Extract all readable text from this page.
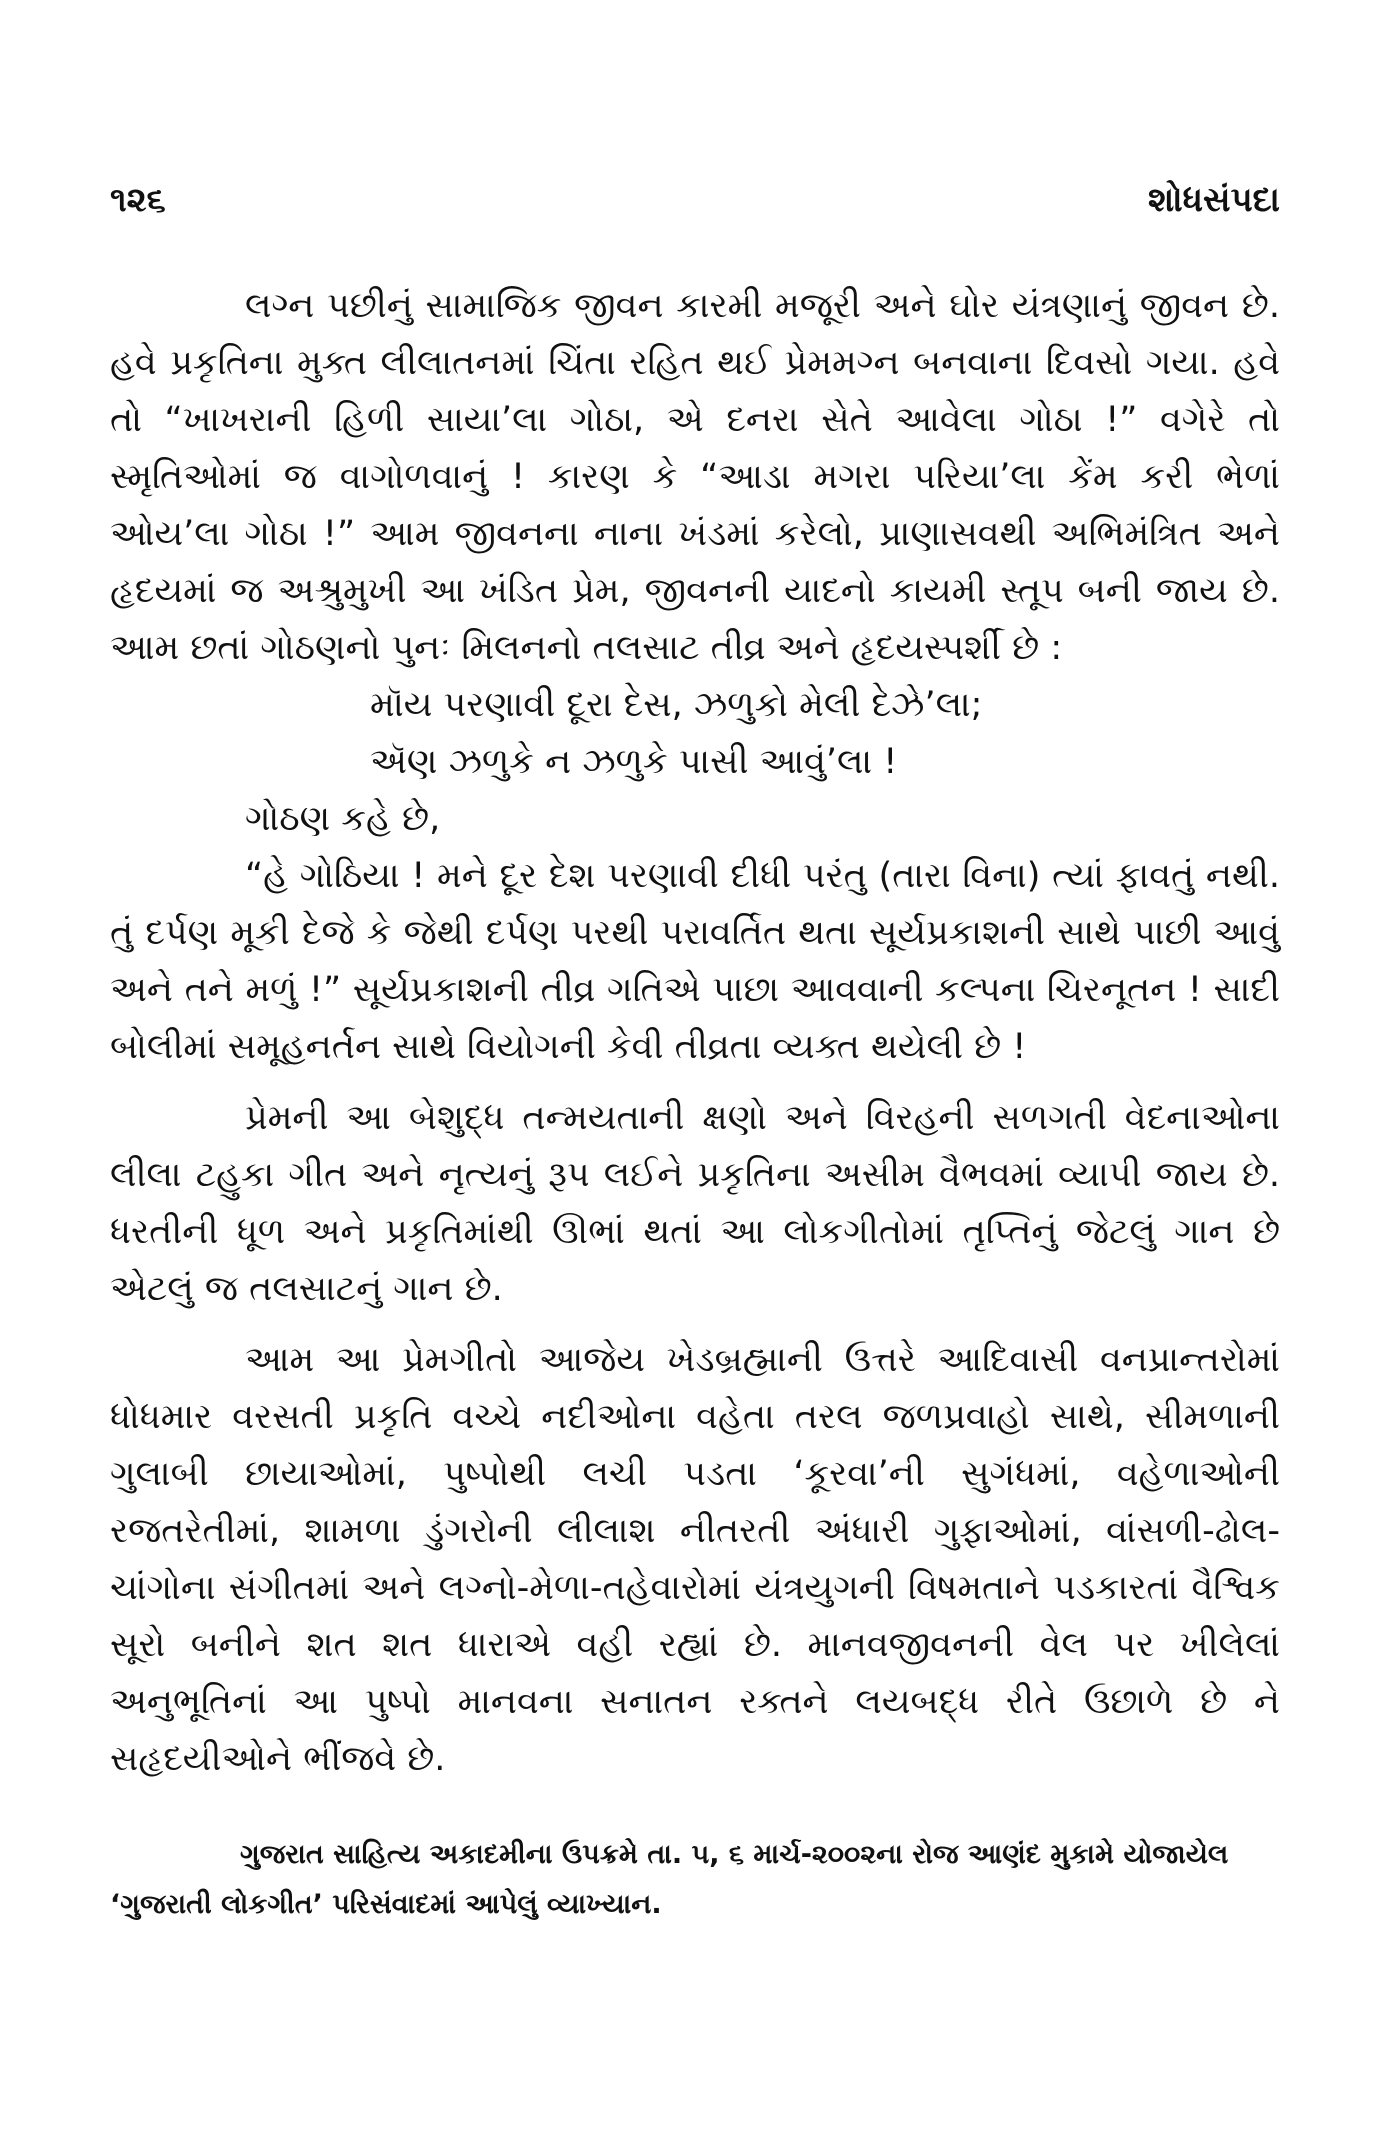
૧૨૬	શોધસંપદા

લગ્ન પછીનું સામાજિક જીવન કારમી મજૂરી અને ઘોર યંત્રણાનું જીવન છે. હવે પ્રકૃતિના મુક્ત લીલાતનમાં ચિંતા રહિત થઈ પ્રેમમગ્ન બનવાના દિવસો ગયા. હવે તો “ખાખરાની હિળી સાયા’લા ગોઠા, એ દનરા સેતે આવેલા ગોઠા !” વગેરે તો સ્મૃતિઓમાં જ વાગોળવાનું ! કારણ કે “આડા મગરા પરિયા’લા કેંમ કરી ભેળાં ઓય’લા ગોઠા !” આમ જીવનના નાના ખંડમાં કરેલો, પ્રાણાસવથી અભિમંત્રિત અને હૃદયમાં જ અશ્રુમુખી આ ખંડિત પ્રેમ, જીવનની યાદનો કાયમી સ્તૂપ બની જાય છે. આમ છતાં ગોઠણનો પુનઃ મિલનનો તલસાટ તીવ્ર અને હૃદયસ્પર્શી છે :

મૉય પરણાવી દૂરા દેસ, ઝળુકો મેલી દેઝે’લા;
ઍણ ઝળુકે ન ઝળુકે પાસી આવું’લા !

ગોઠણ કહે છે,

“હે ગોઠિયા ! મને દૂર દેશ પરણાવી દીધી પરંતુ (તારા વિના) ત્યાં ફાવતું નથી. તું દર્પણ મૂકી દેજે કે જેથી દર્પણ પરથી પરાવર્તિત થતા સૂર્યપ્રકાશની સાથે પાછી આવું અને તને મળું !” સૂર્યપ્રકાશની તીવ્ર ગતિએ પાછા આવવાની કલ્પના ચિરનૂતન ! સાદી બોલીમાં સમૂહનર્તન સાથે વિયોગની કેવી તીવ્રતા વ્યક્ત થયેલી છે !

પ્રેમની આ બેશુદ્ધ તન્મયતાની ક્ષણો અને વિરહની સળગતી વેદનાઓના લીલા ટહુકા ગીત અને નૃત્યનું રૂપ લઈને પ્રકૃતિના અસીમ વૈભવમાં વ્યાપી જાય છે. ધરતીની ધૂળ અને પ્રકૃતિમાંથી ઊભાં થતાં આ લોકગીતોમાં તૃપ્તિનું જેટલું ગાન છે એટલું જ તલસાટનું ગાન છે.

આમ આ પ્રેમગીતો આજેય ખેડબ્રહ્માની ઉત્તરે આદિવાસી વનપ્રાન્તરોમાં ધોધમાર વરસતી પ્રકૃતિ વચ્ચે નદીઓના વહેતા તરલ જળપ્રવાહો સાથે, સીમળાની ગુલાબી છાયાઓમાં, પુષ્પોથી લચી પડતા ‘કૂરવા’ની સુગંધમાં, વહેળાઓની રજતરેતીમાં, શામળા ડુંગરોની લીલાશ નીતરતી અંધારી ગુફાઓમાં, વાંસળી-ઢોલ-ચાંગોના સંગીતમાં અને લગ્નો-મેળા-તહેવારોમાં યંત્રયુગની વિષમતાને પડકારતાં વૈશ્વિક સૂરો બનીને શત શત ધારાએ વહી રહ્યાં છે. માનવજીવનની વેલ પર ખીલેલાં અનુભૂતિનાં આ પુષ્પો માનવના સનાતન રક્તને લયબદ્ધ રીતે ઉછાળે છે ને સહૃદયીઓને ભીંજવે છે.

ગુજરાત સાહિત્ય અકાદમીના ઉપક્રમે તા. ૫, ૬ માર્ચ-૨૦૦૨ના રોજ આણંદ મુકામે યોજાયેલ
‘ગુજરાતી લોકગીત’ પરિસંવાદમાં આપેલું વ્યાખ્યાન.
